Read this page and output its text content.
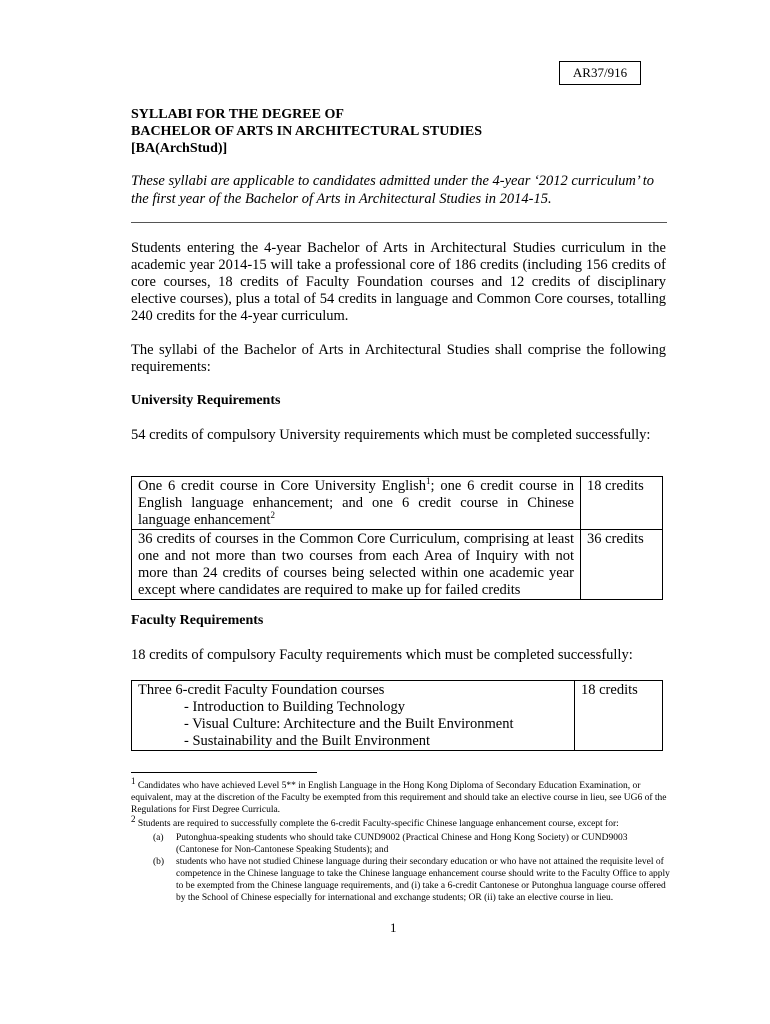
AR37/916
SYLLABI FOR THE DEGREE OF
BACHELOR OF ARTS IN ARCHITECTURAL STUDIES
[BA(ArchStud)]
These syllabi are applicable to candidates admitted under the 4-year ‘2012 curriculum’ to the first year of the Bachelor of Arts in Architectural Studies in 2014-15.
Students entering the 4-year Bachelor of Arts in Architectural Studies curriculum in the academic year 2014-15 will take a professional core of 186 credits (including 156 credits of core courses, 18 credits of Faculty Foundation courses and 12 credits of disciplinary elective courses), plus a total of 54 credits in language and Common Core courses, totalling 240 credits for the 4-year curriculum.
The syllabi of the Bachelor of Arts in Architectural Studies shall comprise the following requirements:
University Requirements
54 credits of compulsory University requirements which must be completed successfully:
One 6 credit course in Core University English$^1$; one 6 credit course in English language enhancement; and one 6 credit course in Chinese language enhancement$^2$	18 credits
36 credits of courses in the Common Core Curriculum, comprising at least one and not more than two courses from each Area of Inquiry with not more than 24 credits of courses being selected within one academic year except where candidates are required to make up for failed credits	36 credits
Faculty Requirements
18 credits of compulsory Faculty requirements which must be completed successfully:
Three 6-credit Faculty Foundation courses
- Introduction to Building Technology
- Visual Culture: Architecture and the Built Environment
- Sustainability and the Built Environment
	18 credits
$^1$ Candidates who have achieved Level 5** in English Language in the Hong Kong Diploma of Secondary Education Examination, or equivalent, may at the discretion of the Faculty be exempted from this requirement and should take an elective course in lieu, see UG6 of the Regulations for First Degree Curricula.
$^2$ Students are required to successfully complete the 6-credit Faculty-specific Chinese language enhancement course, except for:
(a)	Putonghua-speaking students who should take CUND9002 (Practical Chinese and Hong Kong Society) or CUND9003 (Cantonese for Non-Cantonese Speaking Students); and
(b)	students who have not studied Chinese language during their secondary education or who have not attained the requisite level of competence in the Chinese language to take the Chinese language enhancement course should write to the Faculty Office to apply to be exempted from the Chinese language requirements, and (i) take a 6-credit Cantonese or Putonghua language course offered by the School of Chinese especially for international and exchange students; OR (ii) take an elective course in lieu.
1
